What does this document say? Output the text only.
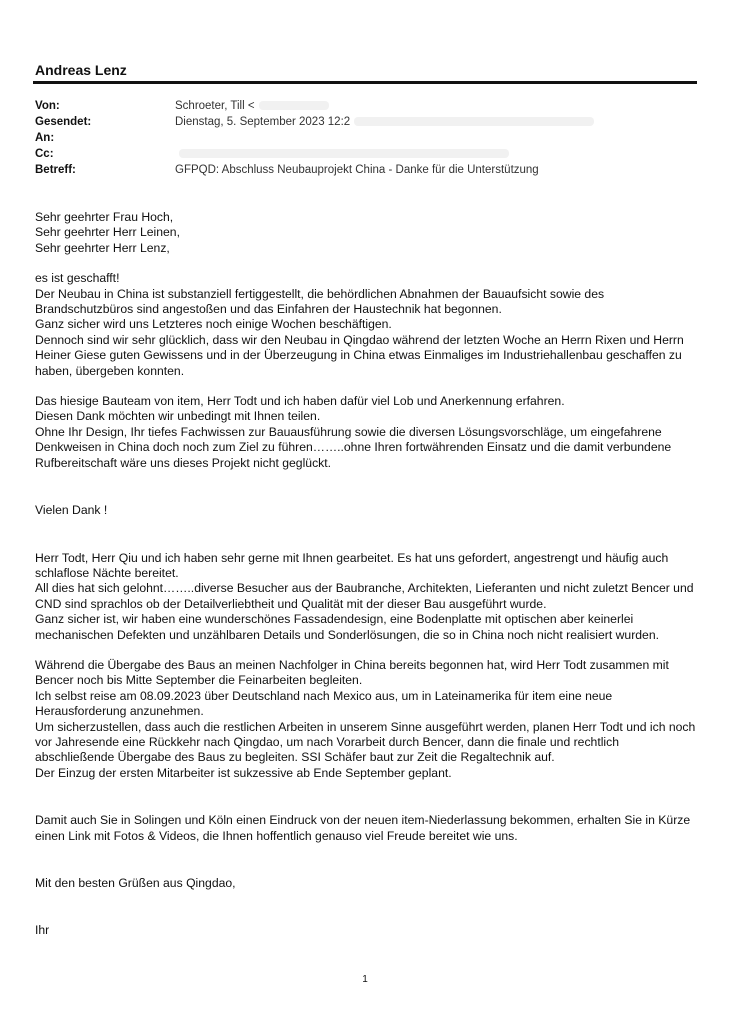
Andreas Lenz
Von:	Schroeter, Till <
Gesendet:	Dienstag, 5. September 2023 12:2
An:
Cc:
Betreff:	GFPQD: Abschluss Neubauprojekt China - Danke für die Unterstützung

Sehr geehrter Frau Hoch,
Sehr geehrter Herr Leinen,
Sehr geehrter Herr Lenz,

es ist geschafft!
Der Neubau in China ist substanziell fertiggestellt, die behördlichen Abnahmen der Bauaufsicht sowie des Brandschutzbüros sind angestoßen und das Einfahren der Haustechnik hat begonnen.
Ganz sicher wird uns Letzteres noch einige Wochen beschäftigen.
Dennoch sind wir sehr glücklich, dass wir den Neubau in Qingdao während der letzten Woche an Herrn Rixen und Herrn Heiner Giese guten Gewissens und in der Überzeugung in China etwas Einmaliges im Industriehallenbau geschaffen zu haben, übergeben konnten.

Das hiesige Bauteam von item, Herr Todt und ich haben dafür viel Lob und Anerkennung erfahren.
Diesen Dank möchten wir unbedingt mit Ihnen teilen.
Ohne Ihr Design, Ihr tiefes Fachwissen zur Bauausführung sowie die diversen Lösungsvorschläge, um eingefahrene Denkweisen in China doch noch zum Ziel zu führen……..ohne Ihren fortwährenden Einsatz und die damit verbundene Rufbereitschaft wäre uns dieses Projekt nicht geglückt.

Vielen Dank !

Herr Todt, Herr Qiu und ich haben sehr gerne mit Ihnen gearbeitet. Es hat uns gefordert, angestrengt und häufig auch schlaflose Nächte bereitet.
All dies hat sich gelohnt……..diverse Besucher aus der Baubranche, Architekten, Lieferanten und nicht zuletzt Bencer und CND sind sprachlos ob der Detailverliebtheit und Qualität mit der dieser Bau ausgeführt wurde.
Ganz sicher ist, wir haben eine wunderschönes Fassadendesign, eine Bodenplatte mit optischen aber keinerlei mechanischen Defekten und unzählbaren Details und Sonderlösungen, die so in China noch nicht realisiert wurden.

Während die Übergabe des Baus an meinen Nachfolger in China bereits begonnen hat, wird Herr Todt zusammen mit Bencer noch bis Mitte September die Feinarbeiten begleiten.
Ich selbst reise am 08.09.2023 über Deutschland nach Mexico aus, um in Lateinamerika für item eine neue Herausforderung anzunehmen.
Um sicherzustellen, dass auch die restlichen Arbeiten in unserem Sinne ausgeführt werden, planen Herr Todt und ich noch vor Jahresende eine Rückkehr nach Qingdao, um nach Vorarbeit durch Bencer, dann die finale und rechtlich abschließende Übergabe des Baus zu begleiten. SSI Schäfer baut zur Zeit die Regaltechnik auf.
Der Einzug der ersten Mitarbeiter ist sukzessive ab Ende September geplant.

Damit auch Sie in Solingen und Köln einen Eindruck von der neuen item-Niederlassung bekommen, erhalten Sie in Kürze einen Link mit Fotos & Videos, die Ihnen hoffentlich genauso viel Freude bereitet wie uns.

Mit den besten Grüßen aus Qingdao,

Ihr

1
